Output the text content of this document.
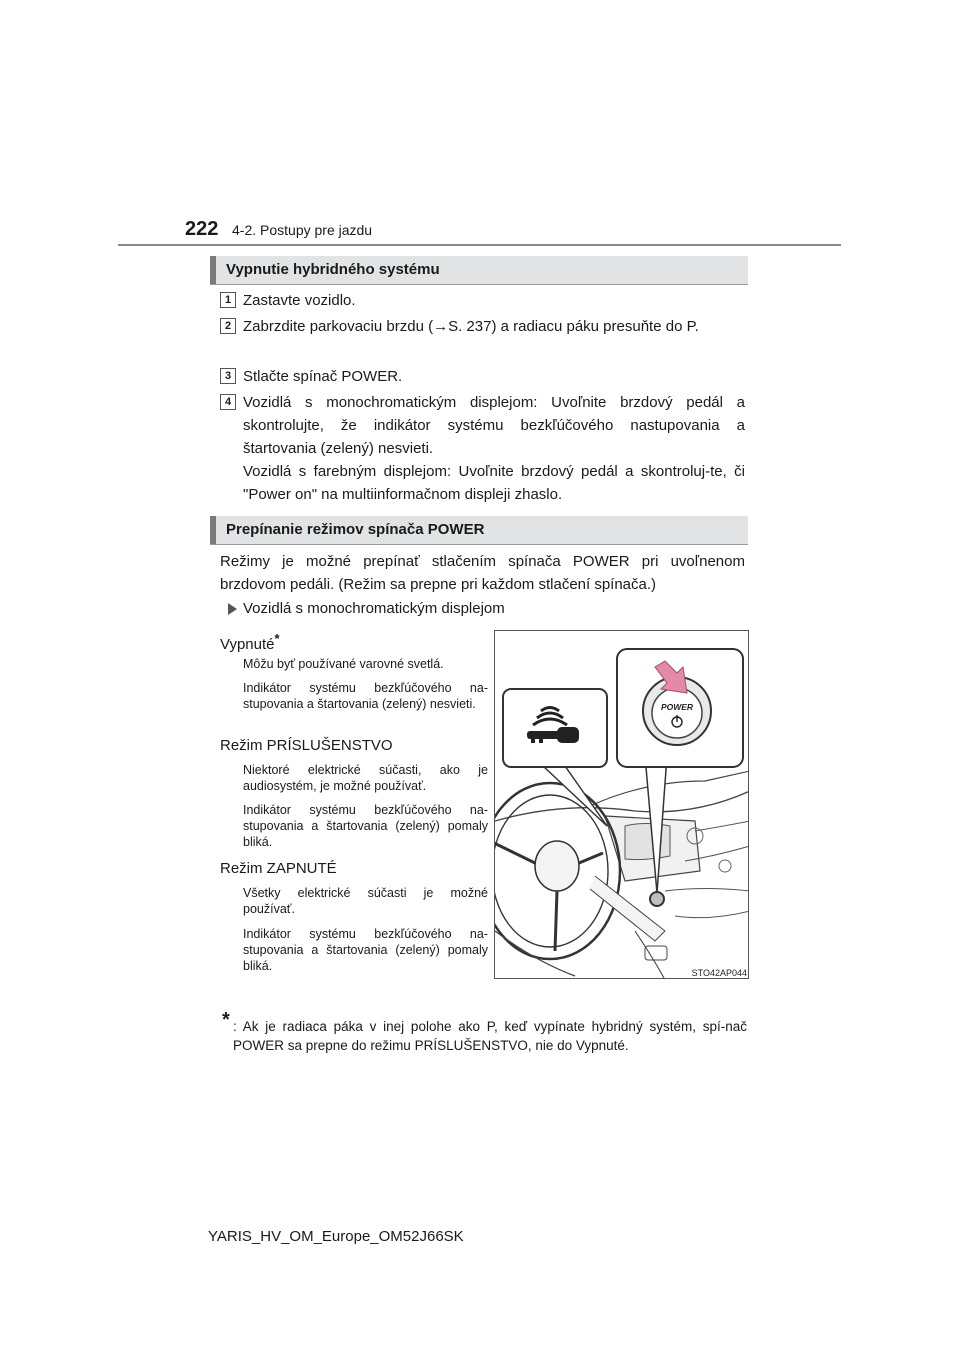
222 4-2. Postupy pre jazdu
Vypnutie hybridného systému
1 Zastavte vozidlo.
2 Zabrzdite parkovaciu brzdu (→S. 237) a radiacu páku presuňte do P.
3 Stlačte spínač POWER.
4 Vozidlá s monochromatickým displejom: Uvoľnite brzdový pedál a skontrolujte, že indikátor systému bezkľúčového nastupovania a štartovania (zelený) nesvieti.
Vozidlá s farebným displejom: Uvoľnite brzdový pedál a skontroluj-te, či "Power on" na multiinformačnom displeji zhaslo.
Prepínanie režimov spínača POWER
Režimy je možné prepínať stlačením spínača POWER pri uvoľnenom brzdovom pedáli. (Režim sa prepne pri každom stlačení spínača.)
Vozidlá s monochromatickým displejom
Vypnuté*
Môžu byť používané varovné svetlá.
Indikátor systému bezkľúčového na-stupovania a štartovania (zelený) nesvieti.
Režim PRÍSLUŠENSTVO
Niektoré elektrické súčasti, ako je audiosystém, je možné používať.
Indikátor systému bezkľúčového na-stupovania a štartovania (zelený) pomaly bliká.
Režim ZAPNUTÉ
Všetky elektrické súčasti je možné používať.
Indikátor systému bezkľúčového na-stupovania a štartovania (zelený) pomaly bliká.
POWER
STO42AP044
* : Ak je radiaca páka v inej polohe ako P, keď vypínate hybridný systém, spí-nač POWER sa prepne do režimu PRÍSLUŠENSTVO, nie do Vypnuté.
YARIS_HV_OM_Europe_OM52J66SK
